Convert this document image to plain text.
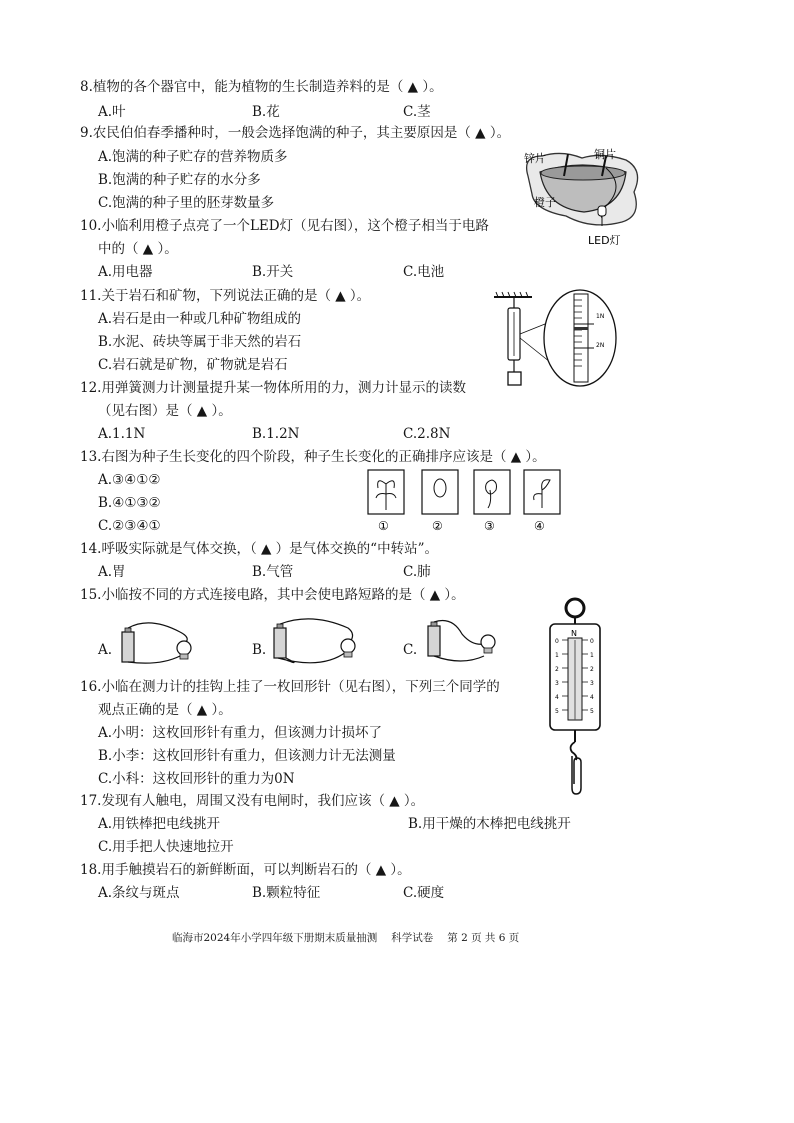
8.植物的各个器官中，能为植物的生长制造养料的是（ ▲ ）。
A.叶	B.花	C.茎
9.农民伯伯春季播种时，一般会选择饱满的种子，其主要原因是（ ▲ ）。
A.饱满的种子贮存的营养物质多
B.饱满的种子贮存的水分多
C.饱满的种子里的胚芽数量多
10.小临利用橙子点亮了一个LED灯（见右图），这个橙子相当于电路
中的（ ▲ ）。
A.用电器	B.开关	C.电池
11.关于岩石和矿物，下列说法正确的是（ ▲ ）。
A.岩石是由一种或几种矿物组成的
B.水泥、砖块等属于非天然的岩石
C.岩石就是矿物，矿物就是岩石
12.用弹簧测力计测量提升某一物体所用的力，测力计显示的读数
（见右图）是（ ▲ ）。
A.1.1N	B.1.2N	C.2.8N
13.右图为种子生长变化的四个阶段，种子生长变化的正确排序应该是（ ▲ ）。
A.③④①②
B.④①③②
C.②③④①
14.呼吸实际就是气体交换，（ ▲ ）是气体交换的“中转站”。
A.胃	B.气管	C.肺
15.小临按不同的方式连接电路，其中会使电路短路的是（ ▲ ）。
A.	B.	C.
16.小临在测力计的挂钩上挂了一枚回形针（见右图），下列三个同学的
观点正确的是（ ▲ ）。
A.小明：这枚回形针有重力，但该测力计损坏了
B.小李：这枚回形针有重力，但该测力计无法测量
C.小科：这枚回形针的重力为0N
17.发现有人触电，周围又没有电闸时，我们应该（ ▲ ）。
A.用铁棒把电线挑开	B.用干燥的木棒把电线挑开
C.用手把人快速地拉开
18.用手触摸岩石的新鲜断面，可以判断岩石的（ ▲ ）。
A.条纹与斑点	B.颗粒特征	C.硬度
锌片	铜片
橙子
LED灯
1N
2N
①	②	③	④
N
0
1
2
3
4
5
0
1
2
3
4
5
临海市2024年小学四年级下册期末质量抽测 科学试卷 第 2 页 共 6 页
